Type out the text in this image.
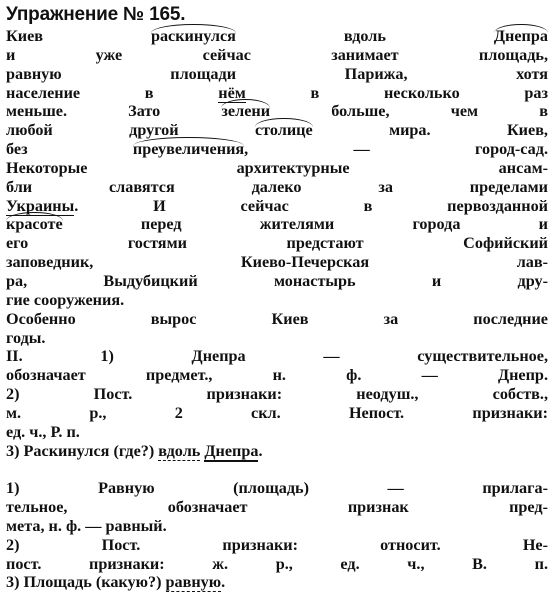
Упражнение № 165.
Киев раскинулся вдоль Днепра
и уже сейчас занимает площадь,
равную площади Парижа, хотя
население в нём в несколько раз
меньше. Зато зелени больше, чем в
любой другой столице мира. Киев,
без преувеличения, — город-сад.
Некоторые архитектурные ансам-
бли славятся далеко за пределами
Украины. И сейчас в первозданной
красоте перед жителями города и
его гостями предстают Софийский
заповедник, Киево-Печерская лав-
ра, Выдубицкий монастырь и дру-
гие сооружения.
Особенно вырос Киев за последние
годы.
II. 1) Днепра — существительное,
обозначает предмет., н. ф. — Днепр.
2) Пост. признаки: неодуш., собств.,
м. р., 2 скл. Непост. признаки:
ед. ч., Р. п.
3) Раскинулся (где?) вдоль Днепра.
1) Равную (площадь) — прилага-
тельное, обозначает признак пред-
мета, н. ф. — равный.
2) Пост. признаки: относит. Не-
пост. признаки: ж. р., ед. ч., В. п.
3) Площадь (какую?) равную.
